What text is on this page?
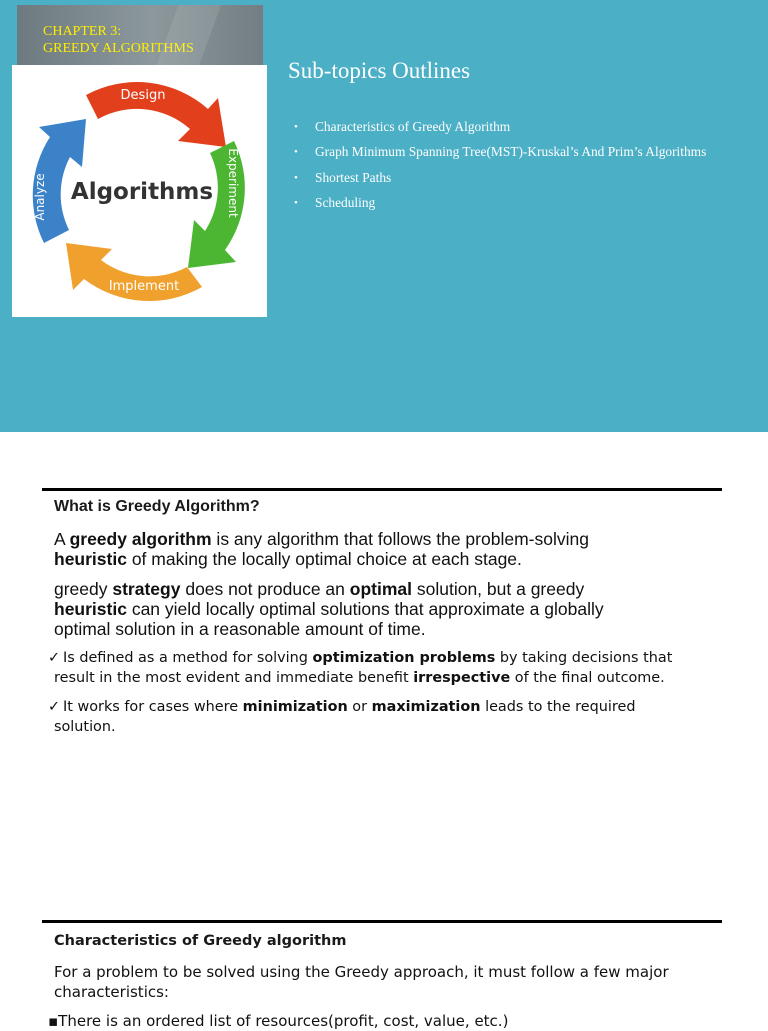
CHAPTER 3:
GREEDY ALGORITHMS
Design
Experiment
Implement
Analyze Algorithms
Sub-topics Outlines
• Characteristics of Greedy Algorithm
• Graph Minimum Spanning Tree(MST)-Kruskal’s And Prim’s Algorithms
• Shortest Paths
• Scheduling
What is Greedy Algorithm?

A greedy algorithm is any algorithm that follows the problem-solving
heuristic of making the locally optimal choice at each stage.

greedy strategy does not produce an optimal solution, but a greedy
heuristic can yield locally optimal solutions that approximate a globally
optimal solution in a reasonable amount of time.

✓ Is defined as a method for solving optimization problems by taking decisions that
result in the most evident and immediate benefit irrespective of the final outcome.

✓ It works for cases where minimization or maximization leads to the required
solution.

Characteristics of Greedy algorithm

For a problem to be solved using the Greedy approach, it must follow a few major
characteristics:

▪There is an ordered list of resources(profit, cost, value, etc.)
